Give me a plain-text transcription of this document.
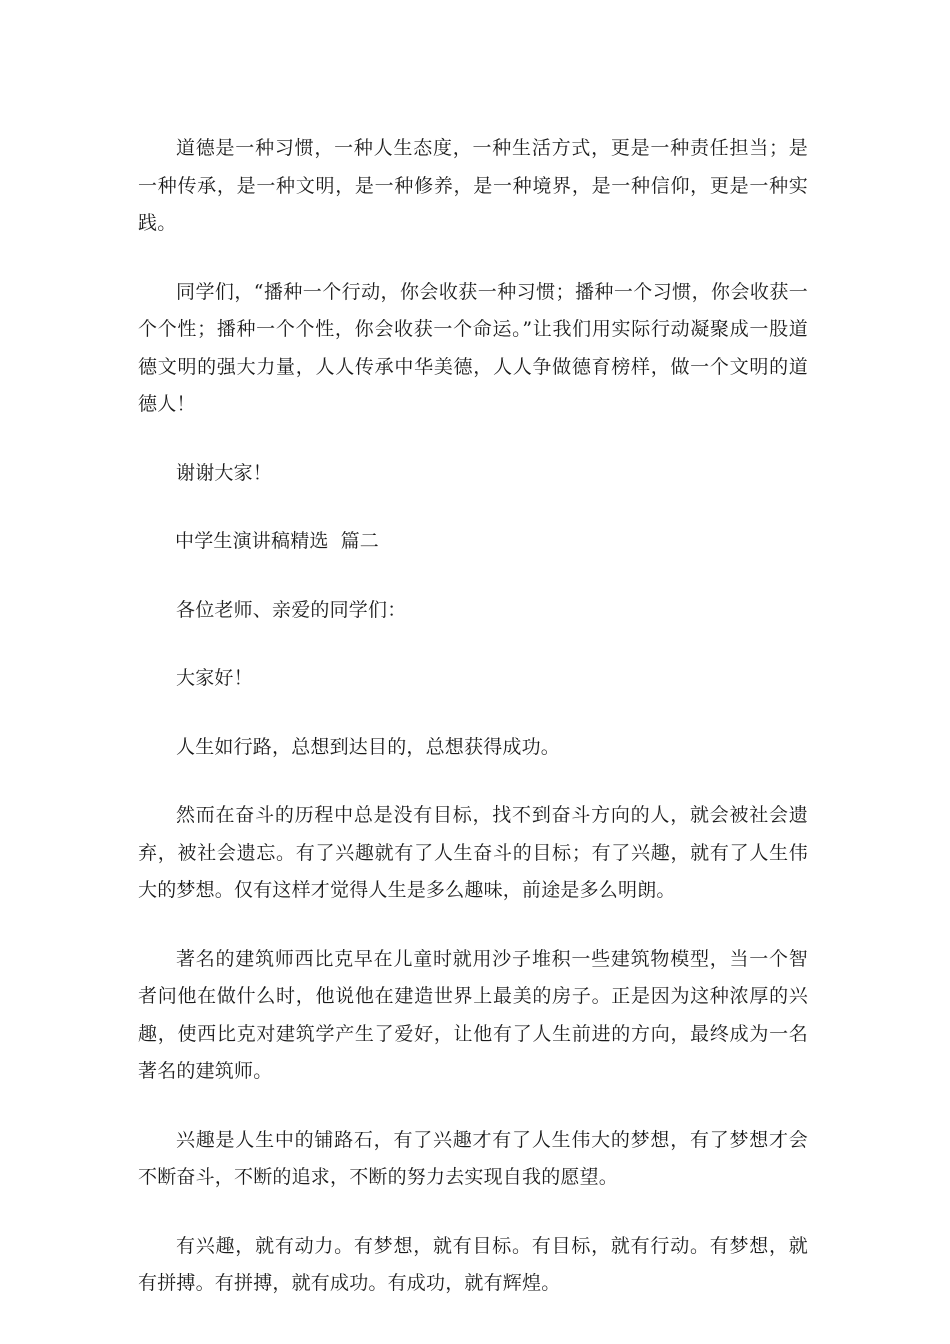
道德是一种习惯，一种人生态度，一种生活方式，更是一种责任担当；是一种传承，是一种文明，是一种修养，是一种境界，是一种信仰，更是一种实践。

同学们，“播种一个行动，你会收获一种习惯；播种一个习惯，你会收获一个个性；播种一个个性，你会收获一个命运。”让我们用实际行动凝聚成一股道德文明的强大力量，人人传承中华美德，人人争做德育榜样，做一个文明的道德人！

谢谢大家！

中学生演讲稿精选 篇二

各位老师、亲爱的同学们：

大家好！

人生如行路，总想到达目的，总想获得成功。

然而在奋斗的历程中总是没有目标，找不到奋斗方向的人，就会被社会遗弃，被社会遗忘。有了兴趣就有了人生奋斗的目标；有了兴趣，就有了人生伟大的梦想。仅有这样才觉得人生是多么趣味，前途是多么明朗。

著名的建筑师西比克早在儿童时就用沙子堆积一些建筑物模型，当一个智者问他在做什么时，他说他在建造世界上最美的房子。正是因为这种浓厚的兴趣，使西比克对建筑学产生了爱好，让他有了人生前进的方向，最终成为一名著名的建筑师。

兴趣是人生中的铺路石，有了兴趣才有了人生伟大的梦想，有了梦想才会不断奋斗，不断的追求，不断的努力去实现自我的愿望。

有兴趣，就有动力。有梦想，就有目标。有目标，就有行动。有梦想，就有拼搏。有拼搏，就有成功。有成功，就有辉煌。
